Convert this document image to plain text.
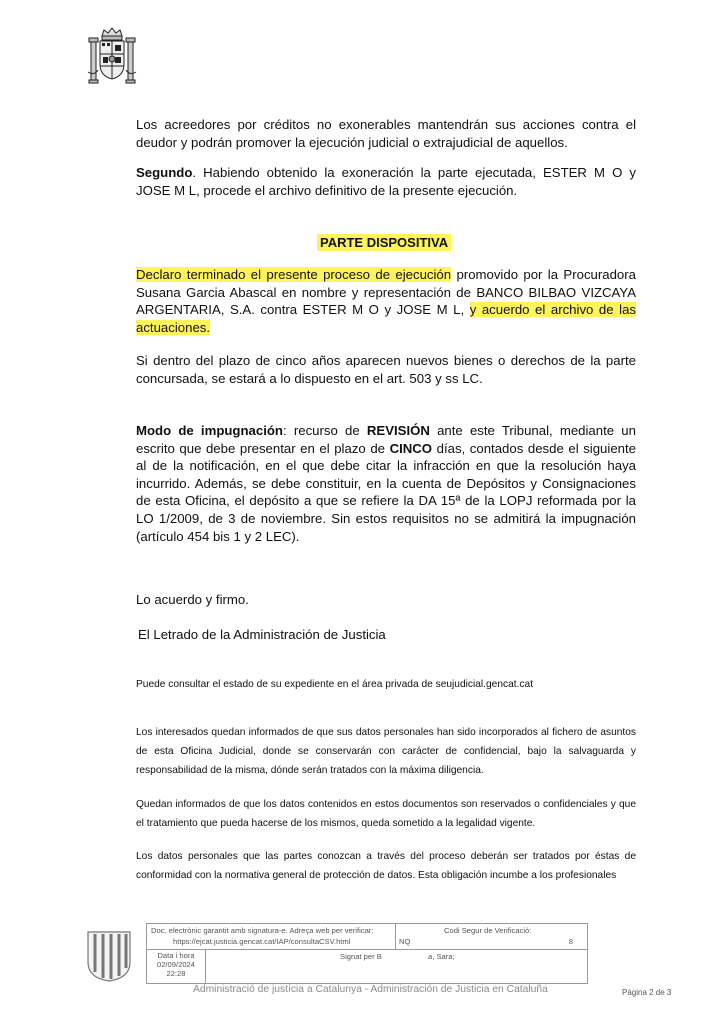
Los acreedores por créditos no exonerables mantendrán sus acciones contra el deudor y podrán promover la ejecución judicial o extrajudicial de aquellos.
Segundo. Habiendo obtenido la exoneración la parte ejecutada, ESTER M O y JOSE M L, procede el archivo definitivo de la presente ejecución.
PARTE DISPOSITIVA
Declaro terminado el presente proceso de ejecución promovido por la Procuradora Susana Garcia Abascal en nombre y representación de BANCO BILBAO VIZCAYA ARGENTARIA, S.A. contra ESTER M O y JOSE M L, y acuerdo el archivo de las actuaciones.
Si dentro del plazo de cinco años aparecen nuevos bienes o derechos de la parte concursada, se estará a lo dispuesto en el art. 503 y ss LC.
Modo de impugnación: recurso de REVISIÓN ante este Tribunal, mediante un escrito que debe presentar en el plazo de CINCO días, contados desde el siguiente al de la notificación, en el que debe citar la infracción en que la resolución haya incurrido. Además, se debe constituir, en la cuenta de Depósitos y Consignaciones de esta Oficina, el depósito a que se refiere la DA 15ª de la LOPJ reformada por la LO 1/2009, de 3 de noviembre. Sin estos requisitos no se admitirá la impugnación (artículo 454 bis 1 y 2 LEC).
Lo acuerdo y firmo.
El Letrado de la Administración de Justicia
Puede consultar el estado de su expediente en el área privada de seujudicial.gencat.cat
Los interesados quedan informados de que sus datos personales han sido incorporados al fichero de asuntos de esta Oficina Judicial, donde se conservarán con carácter de confidencial, bajo la salvaguarda y responsabilidad de la misma, dónde serán tratados con la máxima diligencia.
Quedan informados de que los datos contenidos en estos documentos son reservados o confidenciales y que el tratamiento que pueda hacerse de los mismos, queda sometido a la legalidad vigente.
Los datos personales que las partes conozcan a través del proceso deberán ser tratados por éstas de conformidad con la normativa general de protección de datos. Esta obligación incumbe a los profesionales
Doc. electrònic garantit amb signatura-e. Adreça web per verificar:
https://ejcat.justicia.gencat.cat/IAP/consultaCSV.html
Codi Segur de Verificació:
NQ	8
Data i hora
02/09/2024
22:28
Signat per B	a, Sara;
Administració de justícia a Catalunya - Administración de Justicia en Cataluña	Pàgina 2 de 3
